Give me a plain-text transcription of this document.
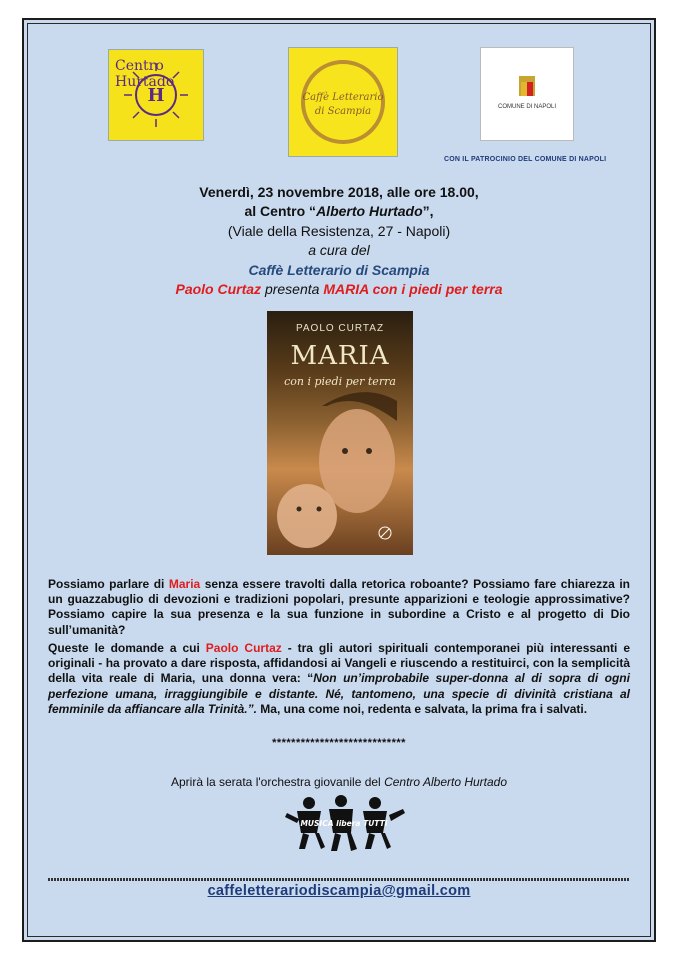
H
Centro Hurtado
Caffè Letterario
di Scampia	COMUNE DI NAPOLI
CON IL PATROCINIO DEL COMUNE DI NAPOLI
Venerdì, 23 novembre 2018, alle ore 18.00,
al Centro “Alberto Hurtado”,
(Viale della Resistenza, 27 - Napoli)
a cura del
Caffè Letterario di Scampia
Paolo Curtaz presenta MARIA con i piedi per terra
PAOLO CURTAZ
MARIA
con i piedi per terra
Possiamo parlare di Maria senza essere travolti dalla retorica roboante? Possiamo fare chiarezza in un guazzabuglio di devozioni e tradizioni popolari, presunte apparizioni e teologie approssimative? Possiamo capire la sua presenza e la sua funzione in subordine a Cristo e al progetto di Dio sull’umanità?
Queste le domande a cui Paolo Curtaz - tra gli autori spirituali contemporanei più interessanti e originali - ha provato a dare risposta, affidandosi ai Vangeli e riuscendo a restituirci, con la semplicità della vita reale di Maria, una donna vera: “Non un’improbabile super-donna al di sopra di ogni perfezione umana, irraggiungibile e distante. Né, tantomeno, una specie di divinità cristiana al femminile da affiancare alla Trinità.”. Ma, una come noi, redenta e salvata, la prima fra i salvati.
****************************
Aprirà la serata l'orchestra giovanile del Centro Alberto Hurtado
MUSICA libera TUTTI
caffeletterariodiscampia@gmail.com
